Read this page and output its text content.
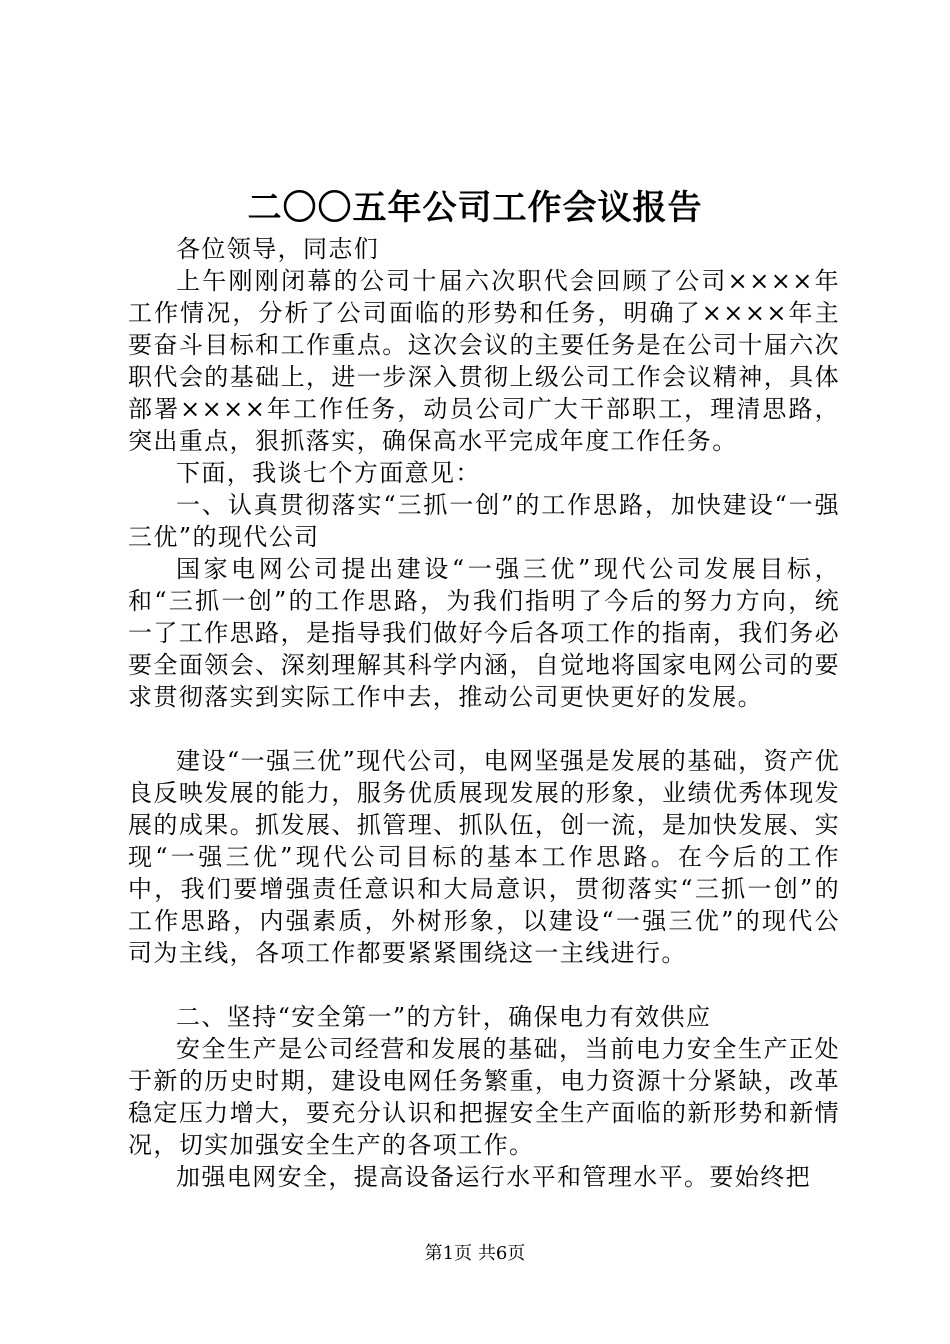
二〇〇五年公司工作会议报告

各位领导，同志们

上午刚刚闭幕的公司十届六次职代会回顾了公司××××年工作情况，分析了公司面临的形势和任务，明确了××××年主要奋斗目标和工作重点。这次会议的主要任务是在公司十届六次职代会的基础上，进一步深入贯彻上级公司工作会议精神，具体部署××××年工作任务，动员公司广大干部职工，理清思路，突出重点，狠抓落实，确保高水平完成年度工作任务。

下面，我谈七个方面意见：

一、认真贯彻落实“三抓一创”的工作思路，加快建设“一强三优”的现代公司

国家电网公司提出建设“一强三优”现代公司发展目标，和“三抓一创”的工作思路，为我们指明了今后的努力方向，统一了工作思路，是指导我们做好今后各项工作的指南，我们务必要全面领会、深刻理解其科学内涵，自觉地将国家电网公司的要求贯彻落实到实际工作中去，推动公司更快更好的发展。

建设“一强三优”现代公司，电网坚强是发展的基础，资产优良反映发展的能力，服务优质展现发展的形象，业绩优秀体现发展的成果。抓发展、抓管理、抓队伍，创一流，是加快发展、实现“一强三优”现代公司目标的基本工作思路。在今后的工作中，我们要增强责任意识和大局意识，贯彻落实“三抓一创”的工作思路，内强素质，外树形象，以建设“一强三优”的现代公司为主线，各项工作都要紧紧围绕这一主线进行。

二、坚持“安全第一”的方针，确保电力有效供应

安全生产是公司经营和发展的基础，当前电力安全生产正处于新的历史时期，建设电网任务繁重，电力资源十分紧缺，改革稳定压力增大，要充分认识和把握安全生产面临的新形势和新情况，切实加强安全生产的各项工作。

加强电网安全，提高设备运行水平和管理水平。要始终把

第1页 共6页
